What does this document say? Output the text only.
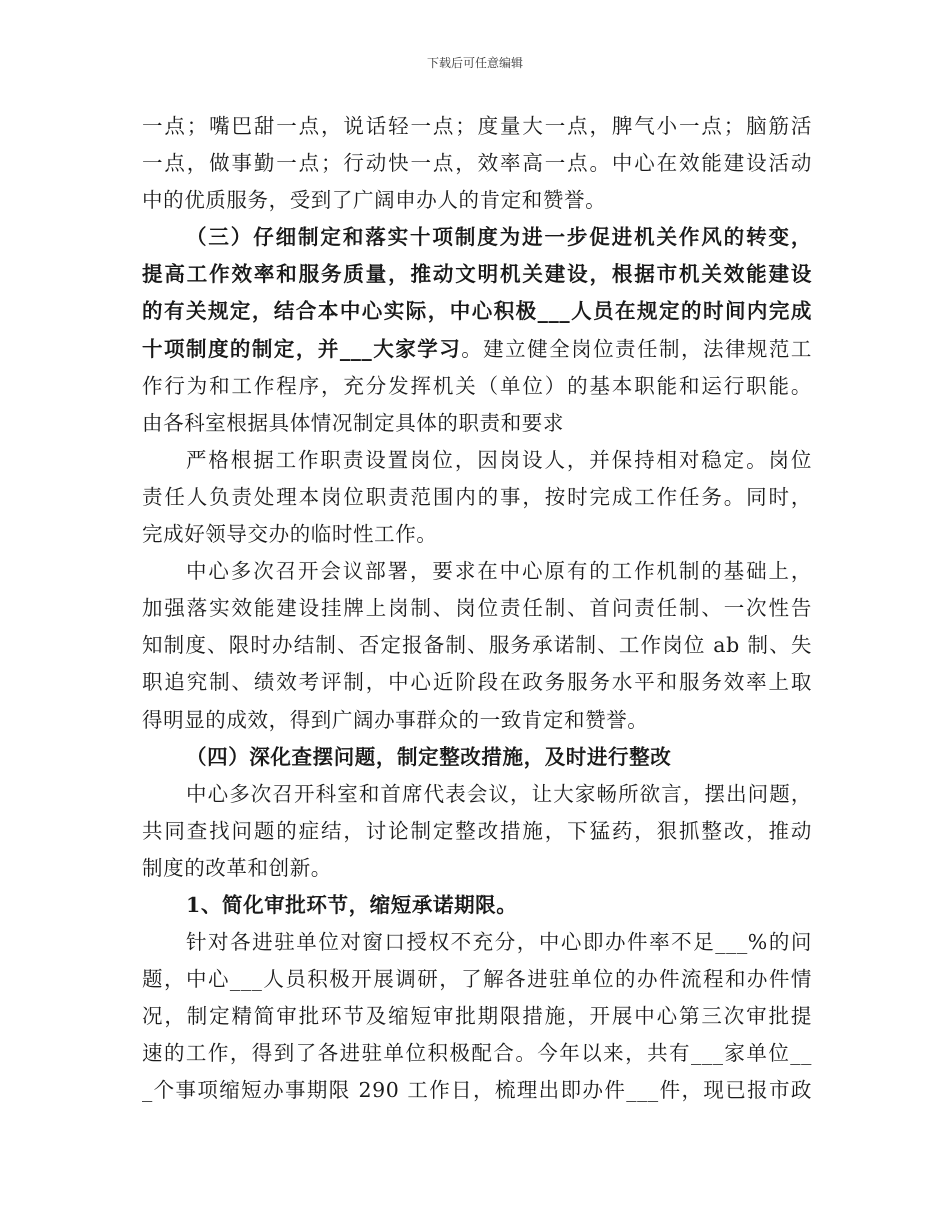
下载后可任意编辑
一点；嘴巴甜一点，说话轻一点；度量大一点，脾气小一点；脑筋活
一点，做事勤一点；行动快一点，效率高一点。中心在效能建设活动
中的优质服务，受到了广阔申办人的肯定和赞誉。
（三）仔细制定和落实十项制度为进一步促进机关作风的转变，
提高工作效率和服务质量，推动文明机关建设，根据市机关效能建设
的有关规定，结合本中心实际，中心积极___人员在规定的时间内完成
十项制度的制定，并___大家学习。建立健全岗位责任制，法律规范工
作行为和工作程序，充分发挥机关（单位）的基本职能和运行职能。
由各科室根据具体情况制定具体的职责和要求
严格根据工作职责设置岗位，因岗设人，并保持相对稳定。岗位
责任人负责处理本岗位职责范围内的事，按时完成工作任务。同时，
完成好领导交办的临时性工作。
中心多次召开会议部署，要求在中心原有的工作机制的基础上，
加强落实效能建设挂牌上岗制、岗位责任制、首问责任制、一次性告
知制度、限时办结制、否定报备制、服务承诺制、工作岗位 ab 制、失
职追究制、绩效考评制，中心近阶段在政务服务水平和服务效率上取
得明显的成效，得到广阔办事群众的一致肯定和赞誉。
（四）深化查摆问题，制定整改措施，及时进行整改
中心多次召开科室和首席代表会议，让大家畅所欲言，摆出问题，
共同查找问题的症结，讨论制定整改措施，下猛药，狠抓整改，推动
制度的改革和创新。
1、简化审批环节，缩短承诺期限。
针对各进驻单位对窗口授权不充分，中心即办件率不足___%的问
题，中心___人员积极开展调研，了解各进驻单位的办件流程和办件情
况，制定精简审批环节及缩短审批期限措施，开展中心第三次审批提
速的工作，得到了各进驻单位积极配合。今年以来，共有___家单位__
_个事项缩短办事期限 290 工作日，梳理出即办件___件，现已报市政
